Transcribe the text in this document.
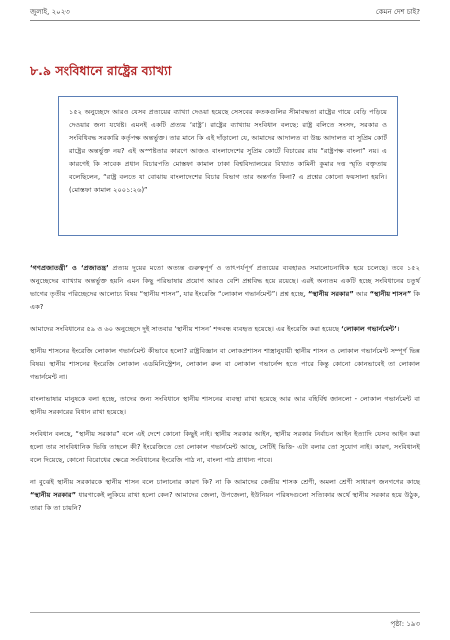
জুলাই, ২০২৩	কেমন দেশ চাই?
৮.৯ সংবিধানে রাষ্ট্রের ব্যাখ্যা
১৫২ অনুচ্ছেদে আরও যেসব প্রত্যয়ের ব্যাখ্যা দেওয়া হয়েছে সেসবের কতকগুলির সীমাবদ্ধতা রাষ্ট্রের গায়ে বেড়ি পড়িয়ে দেওয়ার জন্য যথেষ্ট। এমনই একটি প্রত্যয় ‘রাষ্ট্র’। রাষ্ট্রের ব্যাখ্যায় সংবিধান বলছে: রাষ্ট্র বলিতে সংসদ, সরকার ও সংবিধিবদ্ধ সরকারি কর্তৃপক্ষ অন্তর্ভুক্ত। তার মানে কি এই দাঁড়ালো যে, আমাদের আদালত বা উচ্চ আদালত বা সুপ্রিম কোর্ট রাষ্ট্রের অন্তর্ভুক্ত নয়? এই অস্পষ্টতার কারণে আজও বাংলাদেশের সুপ্রিম কোর্টে বিচারের রায় “রাষ্ট্রপক্ষ বাংলা” নয়। এ কারণেই কি সাবেক প্রধান বিচারপতি মোস্তফা কামাল ঢাকা বিশ্ববিদ্যালয়ের বিখ্যাত কামিনী কুমার দত্ত স্মৃতি বক্তৃতায় বলেছিলেন, “রাষ্ট্র বলতে যা বোঝায় বাংলাদেশের বিচার বিভাগ তার অন্তর্গত কিনা? এ প্রশ্নের কোনো ফয়সালা হয়নি। (মোস্তফা কামাল ২০০১:২৬)”

‘গণপ্রজাতন্ত্রী’ ও ‘প্রজাতন্ত্র’ প্রত্যয় দুয়ের মতো অত্যন্ত গুরুত্বপূর্ণ ও তাৎপর্যপূর্ণ প্রত্যয়ের ব্যবহারও সমালোচনাধিক হয়ে চলেছে। তবে ১৫২ অনুচ্ছেদের ব্যাখ্যায় অন্তর্ভুক্ত হয়নি এমন কিছু পরিভাষার প্রয়োগ আরও বেশি প্রশ্নবিদ্ধ হয়ে রয়েছে। এরই অন্যতম একটি হচ্ছে সংবিধানের চতুর্থ ভাগের তৃতীয় পরিচ্ছেদের আলোচ্য বিষয় “স্থানীয় শাসন”, যার ইংরেজি “লোকাল গভার্নমেন্ট”। প্রশ্ন হচ্ছে, “স্থানীয় সরকার” আর “স্থানীয় শাসন” কি এক?

আমাদের সংবিধানের ৫৯ ও ৬০ অনুচ্ছেদে দুই সাতবার ‘স্থানীয় শাসন’ শব্দবন্ধ ব্যবহৃত হয়েছে। এর ইংরেজি করা হয়েছে ‘লোকাল গভার্নমেন্ট’।

স্থানীয় শাসনের ইংরেজি লোকাল গভার্নমেন্ট কীভাবে হলো? রাষ্ট্রবিজ্ঞান বা লোকপ্রশাসন শাস্ত্রানুযায়ী স্থানীয় শাসন ও লোকাল গভার্নমেন্ট সম্পূর্ণ ভিন্ন বিষয়। স্থানীয় শাসনের ইংরেজি লোকাল এডমিনিস্ট্রেশন, লোকাল রুল বা লোকাল গভার্নেন্স হতে পারে কিন্তু কোনো কোনভাবেই তা লোকাল গভার্নমেন্ট না।

বাংলাভাষার মানুষকে বলা হচ্ছে, তাদের জন্য সংবিধানে স্থানীয় শাসনের ব্যবস্থা রাখা হয়েছে আর আর বহির্বিশ্ব জানলো - লোকাল গভার্নমেন্ট বা স্থানীয় সরকারের বিধান রাখা হয়েছে।

সংবিধান বলছে, “স্থানীয় সরকার” বলে এই দেশে কোনো কিছুই নাই। স্থানীয় সরকার আইন, স্থানীয় সরকার নির্বাচন আইন ইত্যাদি যেসব আইন করা হলো তার সাংবিধানিক ভিত্তি তাহলে কী? ইংরেজিতে তো লোকাল গভার্নমেন্ট আছে, সেটিই ভিত্তি- এটা বলার তো সুযোগ নাই। কারণ, সংবিধানই বলে দিয়েছে, কোনো বিরোধের ক্ষেত্রে সংবিধানের ইংরেজি পাঠ না, বাংলা পাঠ প্রাধান্য পাবে।

না বুঝেই স্থানীয় সরকারকে স্থানীয় শাসন বলে চালানোর কারণ কি? না কি আমাদের কেন্দ্রীয় শাসক শ্রেণী, অমলা শ্রেণী সাধারণ জনগণের কাছে “স্থানীয় সরকার” ধারণাকেই লুকিয়ে রাখা হলো কেন? আমাদের জেলা, উপজেলা, ইউনিয়ন পরিষদগুলো সত্যিকার অর্থে স্থানীয় সরকার হয়ে উঠুক, তারা কি তা চায়নি?

পৃষ্ঠা: ১৯৩
